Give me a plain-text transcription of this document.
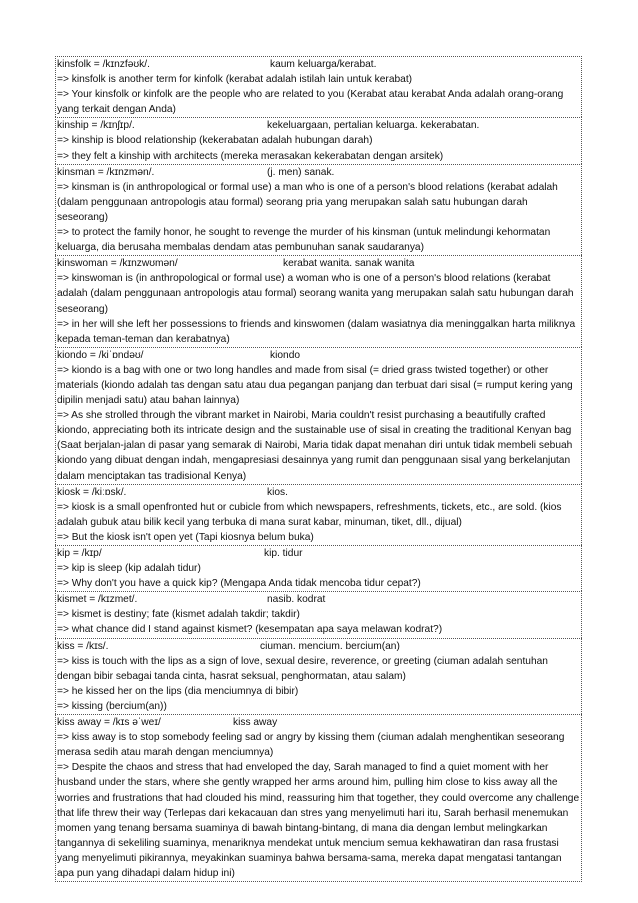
kinsfolk = /kɪnzfəʊk/.	kaum keluarga/kerabat.
=> kinsfolk is another term for kinfolk (kerabat adalah istilah lain untuk kerabat)
=> Your kinsfolk or kinfolk are the people who are related to you (Kerabat atau kerabat Anda adalah orang-orang yang terkait dengan Anda)
kinship = /kɪnʃɪp/.	kekeluargaan, pertalian keluarga. kekerabatan.
=> kinship is blood relationship (kekerabatan adalah hubungan darah)
=> they felt a kinship with architects (mereka merasakan kekerabatan dengan arsitek)
kinsman = /kɪnzmən/.	(j. men) sanak.
=> kinsman is (in anthropological or formal use) a man who is one of a person's blood relations (kerabat adalah (dalam penggunaan antropologis atau formal) seorang pria yang merupakan salah satu hubungan darah seseorang)
=> to protect the family honor, he sought to revenge the murder of his kinsman (untuk melindungi kehormatan keluarga, dia berusaha membalas dendam atas pembunuhan sanak saudaranya)
kinswoman = /kɪnzwʊmən/	kerabat wanita. sanak wanita
=> kinswoman is (in anthropological or formal use) a woman who is one of a person's blood relations (kerabat adalah (dalam penggunaan antropologis atau formal) seorang wanita yang merupakan salah satu hubungan darah seseorang)
=> in her will she left her possessions to friends and kinswomen (dalam wasiatnya dia meninggalkan harta miliknya kepada teman-teman dan kerabatnya)
kiondo = /kiˈɒndəʊ/	kiondo
=> kiondo is a bag with one or two long handles and made from sisal (= dried grass twisted together) or other materials (kiondo adalah tas dengan satu atau dua pegangan panjang dan terbuat dari sisal (= rumput kering yang dipilin menjadi satu) atau bahan lainnya)
=> As she strolled through the vibrant market in Nairobi, Maria couldn't resist purchasing a beautifully crafted kiondo, appreciating both its intricate design and the sustainable use of sisal in creating the traditional Kenyan bag (Saat berjalan-jalan di pasar yang semarak di Nairobi, Maria tidak dapat menahan diri untuk tidak membeli sebuah kiondo yang dibuat dengan indah, mengapresiasi desainnya yang rumit dan penggunaan sisal yang berkelanjutan dalam menciptakan tas tradisional Kenya)
kiosk = /kiːɒsk/.	kios.
=> kiosk is a small openfronted hut or cubicle from which newspapers, refreshments, tickets, etc., are sold. (kios adalah gubuk atau bilik kecil yang terbuka di mana surat kabar, minuman, tiket, dll., dijual)
=> But the kiosk isn't open yet (Tapi kiosnya belum buka)
kip = /kɪp/	kip. tidur
=> kip is sleep (kip adalah tidur)
=> Why don't you have a quick kip? (Mengapa Anda tidak mencoba tidur cepat?)
kismet = /kɪzmet/.	nasib. kodrat
=> kismet is destiny; fate (kismet adalah takdir; takdir)
=> what chance did I stand against kismet? (kesempatan apa saya melawan kodrat?)
kiss = /kɪs/.	ciuman. mencium. bercium(an)
=> kiss is touch with the lips as a sign of love, sexual desire, reverence, or greeting (ciuman adalah sentuhan dengan bibir sebagai tanda cinta, hasrat seksual, penghormatan, atau salam)
=> he kissed her on the lips (dia menciumnya di bibir)
=> kissing (bercium(an))
kiss away = /kɪs əˈweɪ/	kiss away
=> kiss away is to stop somebody feeling sad or angry by kissing them (ciuman adalah menghentikan seseorang merasa sedih atau marah dengan menciumnya)
=> Despite the chaos and stress that had enveloped the day, Sarah managed to find a quiet moment with her husband under the stars, where she gently wrapped her arms around him, pulling him close to kiss away all the worries and frustrations that had clouded his mind, reassuring him that together, they could overcome any challenge that life threw their way (Terlepas dari kekacauan dan stres yang menyelimuti hari itu, Sarah berhasil menemukan momen yang tenang bersama suaminya di bawah bintang-bintang, di mana dia dengan lembut melingkarkan tangannya di sekeliling suaminya, menariknya mendekat untuk mencium semua kekhawatiran dan rasa frustasi yang menyelimuti pikirannya, meyakinkan suaminya bahwa bersama-sama, mereka dapat mengatasi tantangan apa pun yang dihadapi dalam hidup ini)
